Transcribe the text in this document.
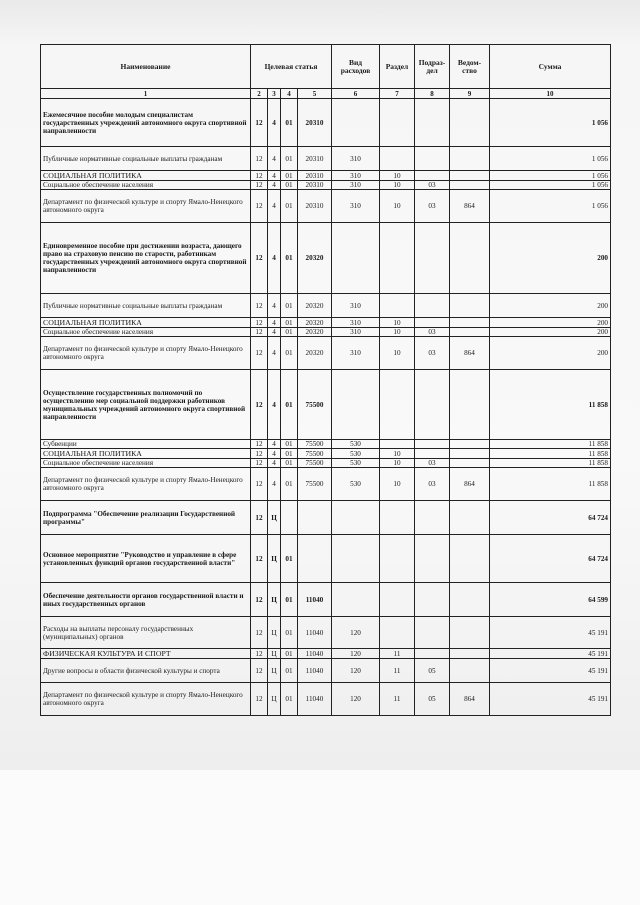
Наименование	Целевая статья				Вид расходов	Раздел	Подраз-дел	Ведом-ство	Сумма
1	2	3	4	5	6	7	8	9	10
Ежемесячное пособие молодым специалистам государственных учреждений автономного округа спортивной направленности	12	4	01	20310					1 056
Публичные нормативные социальные выплаты гражданам	12	4	01	20310	310				1 056
СОЦИАЛЬНАЯ ПОЛИТИКА	12	4	01	20310	310	10			1 056
Социальное обеспечение населения	12	4	01	20310	310	10	03		1 056
Департамент по физической культуре и спорту Ямало-Ненецкого автономного округа	12	4	01	20310	310	10	03	864	1 056
Единовременное пособие при достижении возраста, дающего право на страховую пенсию по старости, работникам государственных учреждений автономного округа спортивной направленности	12	4	01	20320					200
Публичные нормативные социальные выплаты гражданам	12	4	01	20320	310				200
СОЦИАЛЬНАЯ ПОЛИТИКА	12	4	01	20320	310	10			200
Социальное обеспечение населения	12	4	01	20320	310	10	03		200
Департамент по физической культуре и спорту Ямало-Ненецкого автономного округа	12	4	01	20320	310	10	03	864	200
Осуществление государственных полномочий по осуществлению мер социальной поддержки работников муниципальных учреждений автономного округа спортивной направленности	12	4	01	75500					11 858
Субвенции	12	4	01	75500	530				11 858
СОЦИАЛЬНАЯ ПОЛИТИКА	12	4	01	75500	530	10			11 858
Социальное обеспечение населения	12	4	01	75500	530	10	03		11 858
Департамент по физической культуре и спорту Ямало-Ненецкого автономного округа	12	4	01	75500	530	10	03	864	11 858
Подпрограмма "Обеспечение реализации Государственной программы"	12	Ц							64 724
Основное мероприятие "Руководство и управление в сфере установленных функций органов государственной власти"	12	Ц	01						64 724
Обеспечение деятельности органов государственной власти и иных государственных органов	12	Ц	01	11040					64 599
Расходы на выплаты персоналу государственных (муниципальных) органов	12	Ц	01	11040	120				45 191
ФИЗИЧЕСКАЯ КУЛЬТУРА И СПОРТ	12	Ц	01	11040	120	11			45 191
Другие вопросы в области физической культуры и спорта	12	Ц	01	11040	120	11	05		45 191
Департамент по физической культуре и спорту Ямало-Ненецкого автономного округа	12	Ц	01	11040	120	11	05	864	45 191
